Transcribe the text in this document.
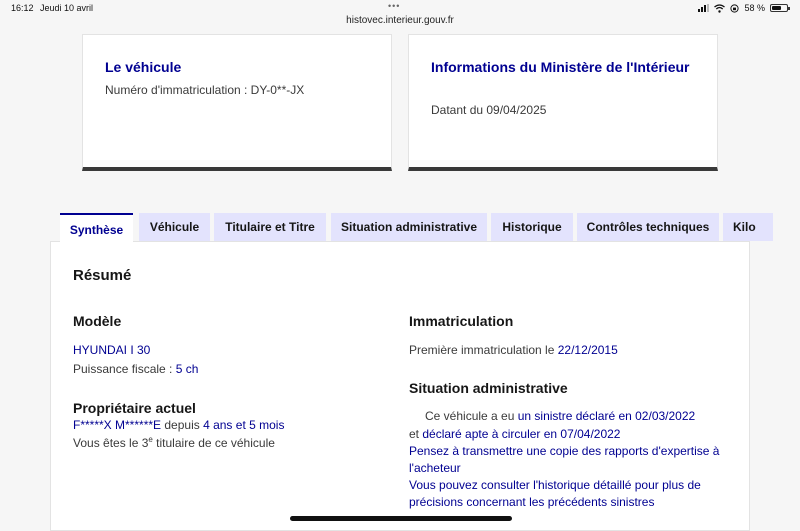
16:12 Jeudi 10 avril	•••
histovec.interieur.gouv.fr
58 %
Le véhicule
Numéro d'immatriculation : DY-0**-JX
Informations du Ministère de l'Intérieur
Datant du 09/04/2025
Résumé
Modèle
HYUNDAI I 30
Puissance fiscale : 5 ch
Propriétaire actuel
F*****X M******E depuis 4 ans et 5 mois
Vous êtes le 3e titulaire de ce véhicule
Immatriculation
Première immatriculation le 22/12/2015
Situation administrative
Ce véhicule a eu un sinistre déclaré en 02/03/2022
et déclaré apte à circuler en 07/04/2022
Pensez à transmettre une copie des rapports d'expertise à
l'acheteur
Vous pouvez consulter l'historique détaillé pour plus de
précisions concernant les précédents sinistres
Synthèse	Véhicule	Titulaire et Titre	Situation administrative	Historique	Contrôles techniques	Kilo
